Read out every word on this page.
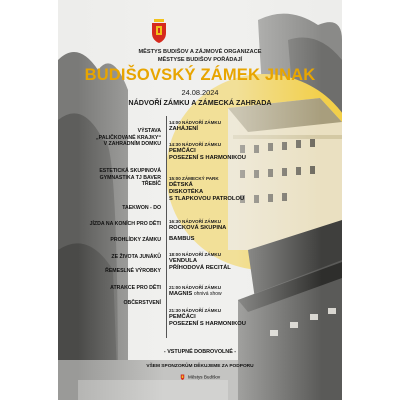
MĚSTYS BUDIŠOV A ZÁJMOVÉ ORGANIZACE
MĚSTYSE BUDIŠOV POŘÁDAJÍ

BUDIŠOVSKÝ ZÁMEK JINAK

24.08.2024

NÁDVOŘÍ ZÁMKU A ZÁMECKÁ ZAHRADA

VÝSTAVA
„PALIČKOVANÉ KRAJKY“
V ZAHRADNÍM DOMKU
ESTETICKÁ SKUPINOVÁ
GYMNASTIKA TJ BAVER
TŘEBÍČ
TAEKWON - DO
JÍZDA NA KONÍCH PRO DĚTI
PROHLÍDKY ZÁMKU
ZE ŽIVOTA JUNÁKŮ
ŘEMESLNÉ VÝROBKY
ATRAKCE PRO DĚTI
OBČERSTVENÍ
14:00 NÁDVOŘÍ ZÁMKU
ZAHÁJENÍ
14:30 NÁDVOŘÍ ZÁMKU
PEMČÁCI
POSEZENÍ S HARMONIKOU
15:00 ZÁMECKÝ PARK
DĚTSKÁ
DISKOTÉKA
S TLAPKOVOU PATROLOU
16:30 NÁDVOŘÍ ZÁMKU
ROCKOVÁ SKUPINA
BAMBUS
18:00 NÁDVOŘÍ ZÁMKU
VENDULA
PŘÍHODOVÁ RECITÁL
21:00 NÁDVOŘÍ ZÁMKU
MAGNIS ohnivá show
21:30 NÁDVOŘÍ ZÁMKU
PEMČÁCI
POSEZENÍ S HARMONIKOU

- VSTUPNÉ DOBROVOLNÉ -

VŠEM SPONZORŮM DĚKUJEME ZA PODPORU

Městys Budišov
